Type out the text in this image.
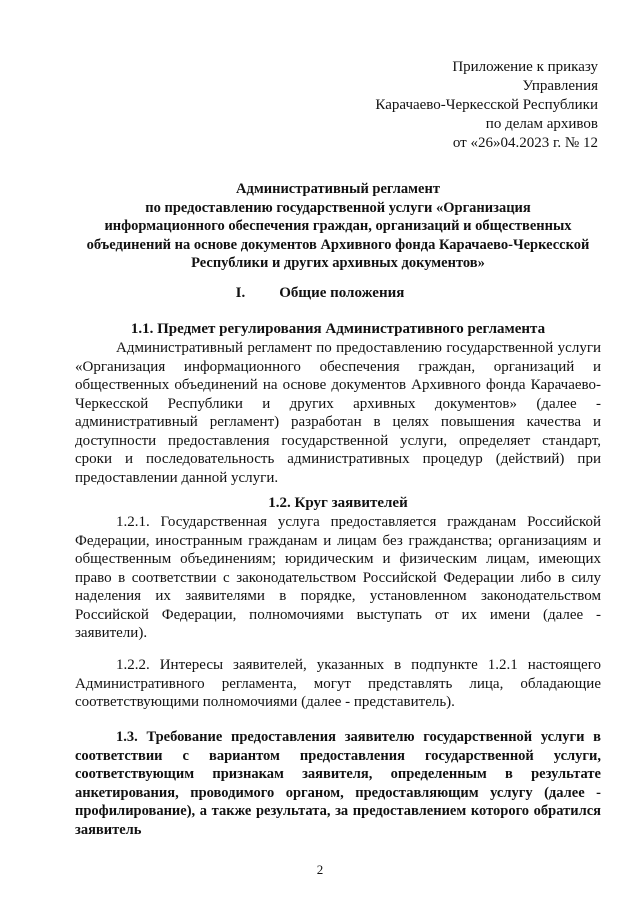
Приложение к приказу
Управления
Карачаево-Черкесской Республики
по делам архивов
от «26»04.2023 г. № 12
Административный регламент
по предоставлению государственной услуги «Организация
информационного обеспечения граждан, организаций и общественных
объединений на основе документов Архивного фонда Карачаево-Черкесской
Республики и других архивных документов»
I. Общие положения
1.1. Предмет регулирования Административного регламента
Административный регламент по предоставлению государственной услуги «Организация информационного обеспечения граждан, организаций и общественных объединений на основе документов Архивного фонда Карачаево-Черкесской Республики и других архивных документов» (далее - административный регламент) разработан в целях повышения качества и доступности предоставления государственной услуги, определяет стандарт, сроки и последовательность административных процедур (действий) при предоставлении данной услуги.
1.2. Круг заявителей
1.2.1. Государственная услуга предоставляется гражданам Российской Федерации, иностранным гражданам и лицам без гражданства; организациям и общественным объединениям; юридическим и физическим лицам, имеющих право в соответствии с законодательством Российской Федерации либо в силу наделения их заявителями в порядке, установленном законодательством Российской Федерации, полномочиями выступать от их имени (далее - заявители).
1.2.2. Интересы заявителей, указанных в подпункте 1.2.1 настоящего Административного регламента, могут представлять лица, обладающие соответствующими полномочиями (далее - представитель).
1.3. Требование предоставления заявителю государственной услуги в соответствии с вариантом предоставления государственной услуги, соответствующим признакам заявителя, определенным в результате анкетирования, проводимого органом, предоставляющим услугу (далее - профилирование), а также результата, за предоставлением которого обратился заявитель
2
